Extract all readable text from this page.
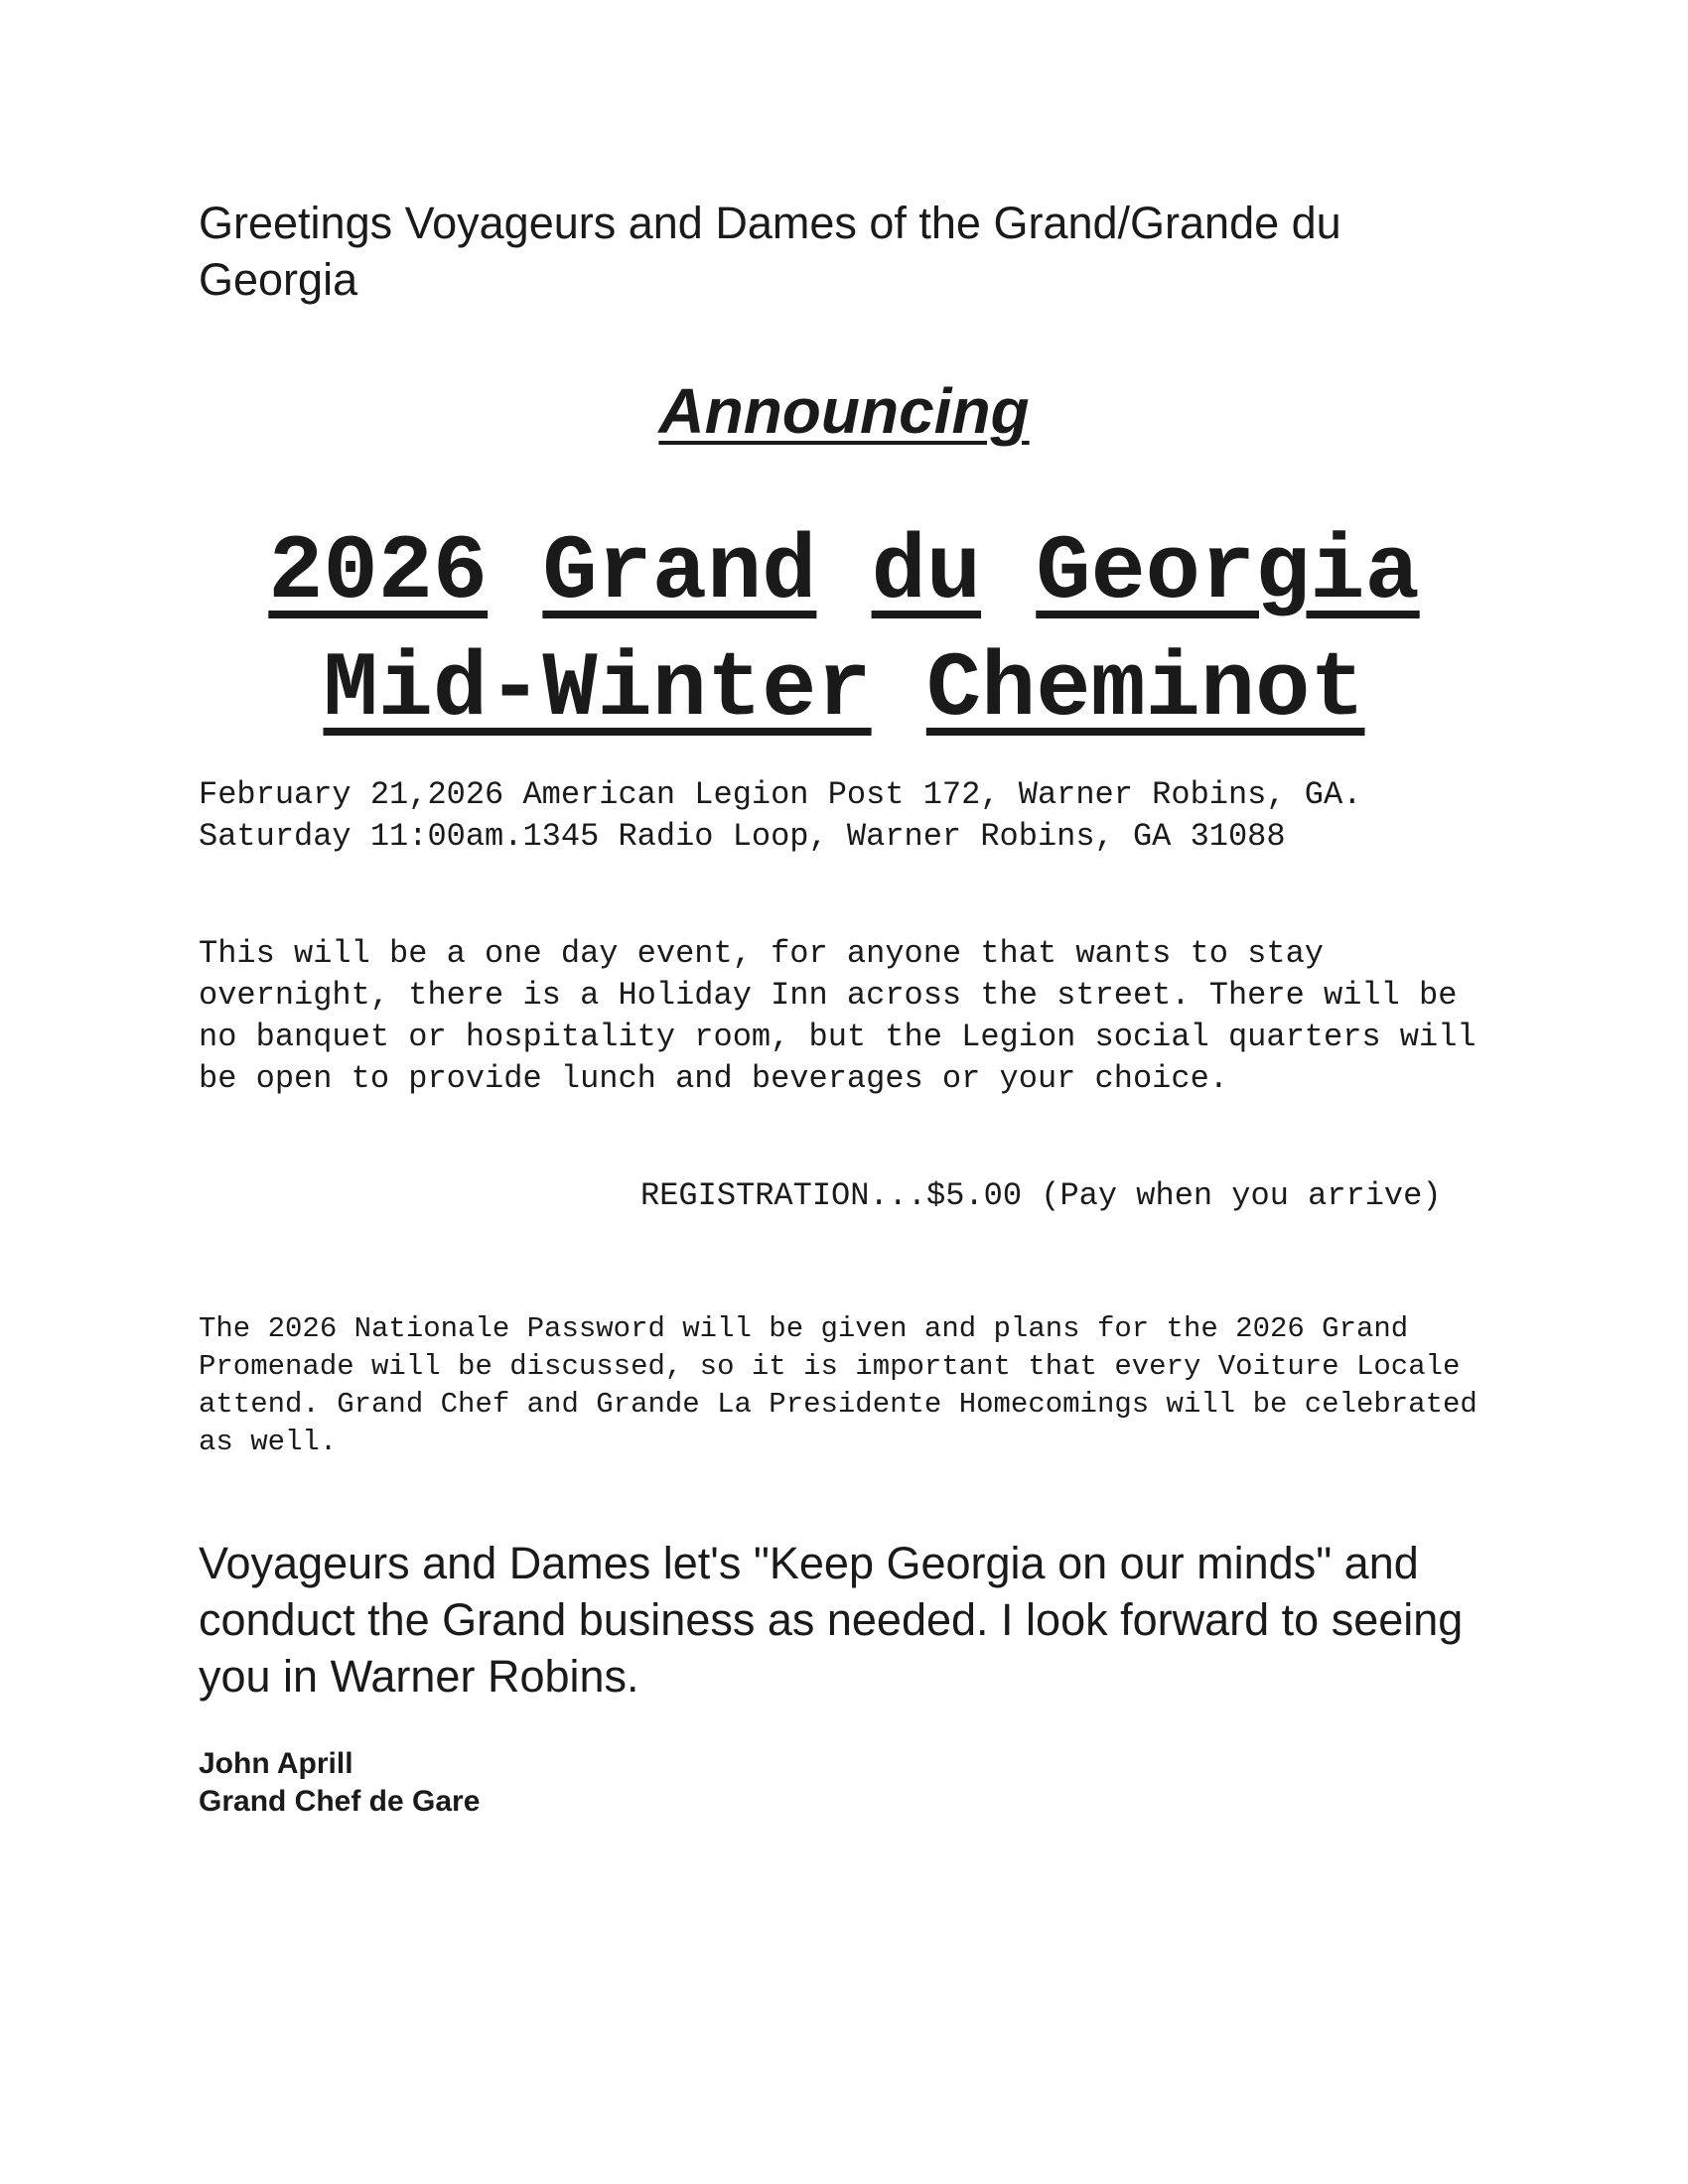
Greetings Voyageurs and Dames of the Grand/Grande du Georgia

Announcing

2026 Grand du Georgia
Mid-Winter Cheminot

February 21,2026 American Legion Post 172, Warner Robins, GA. Saturday 11:00am.1345 Radio Loop, Warner Robins, GA 31088

This will be a one day event, for anyone that wants to stay overnight, there is a Holiday Inn across the street. There will be no banquet or hospitality room, but the Legion social quarters will be open to provide lunch and beverages or your choice.

REGISTRATION...$5.00 (Pay when you arrive)

The 2026 Nationale Password will be given and plans for the 2026 Grand Promenade will be discussed, so it is important that every Voiture Locale attend. Grand Chef and Grande La Presidente Homecomings will be celebrated as well.

Voyageurs and Dames let's "Keep Georgia on our minds" and conduct the Grand business as needed. I look forward to seeing you in Warner Robins.

John Aprill
Grand Chef de Gare
